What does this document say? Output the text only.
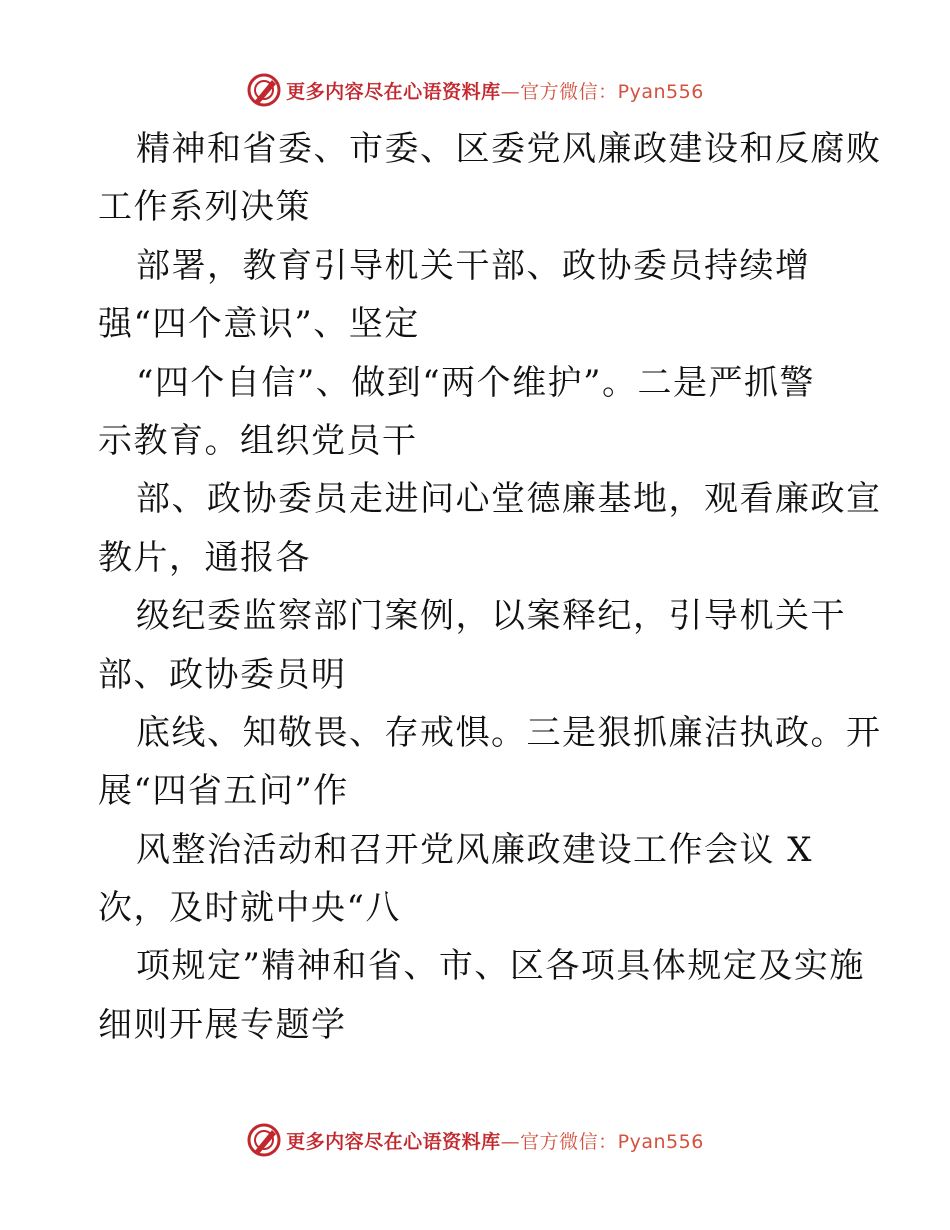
更多内容尽在心语资料库 —官方微信：Pyan556
精神和省委、市委、区委党风廉政建设和反腐败
工作系列决策
部署，教育引导机关干部、政协委员持续增
强“四个意识”、坚定
“四个自信”、做到“两个维护”。二是严抓警
示教育。组织党员干
部、政协委员走进问心堂德廉基地，观看廉政宣
教片，通报各
级纪委监察部门案例，以案释纪，引导机关干
部、政协委员明
底线、知敬畏、存戒惧。三是狠抓廉洁执政。开
展“四省五问”作
风整治活动和召开党风廉政建设工作会议 X
次，及时就中央“八
项规定”精神和省、市、区各项具体规定及实施
细则开展专题学
更多内容尽在心语资料库 —官方微信：Pyan556
